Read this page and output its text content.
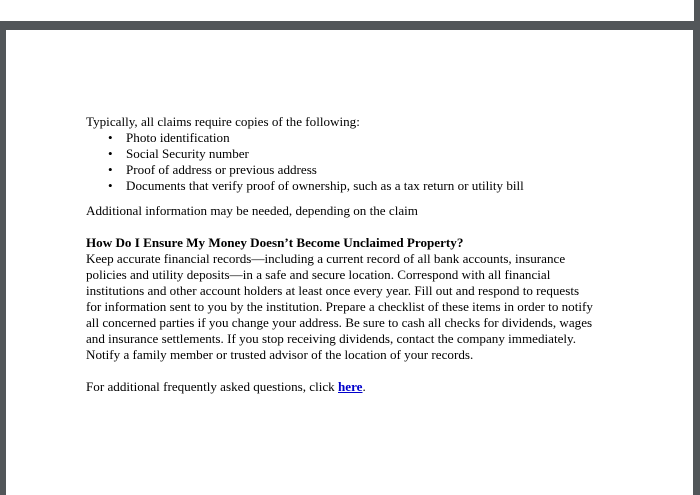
Typically, all claims require copies of the following:

• Photo identification
• Social Security number
• Proof of address or previous address
• Documents that verify proof of ownership, such as a tax return or utility bill

Additional information may be needed, depending on the claim

How Do I Ensure My Money Doesn’t Become Unclaimed Property?

Keep accurate financial records—including a current record of all bank accounts, insurance
policies and utility deposits—in a safe and secure location. Correspond with all financial
institutions and other account holders at least once every year. Fill out and respond to requests
for information sent to you by the institution. Prepare a checklist of these items in order to notify
all concerned parties if you change your address. Be sure to cash all checks for dividends, wages
and insurance settlements. If you stop receiving dividends, contact the company immediately.
Notify a family member or trusted advisor of the location of your records.

For additional frequently asked questions, click here.
